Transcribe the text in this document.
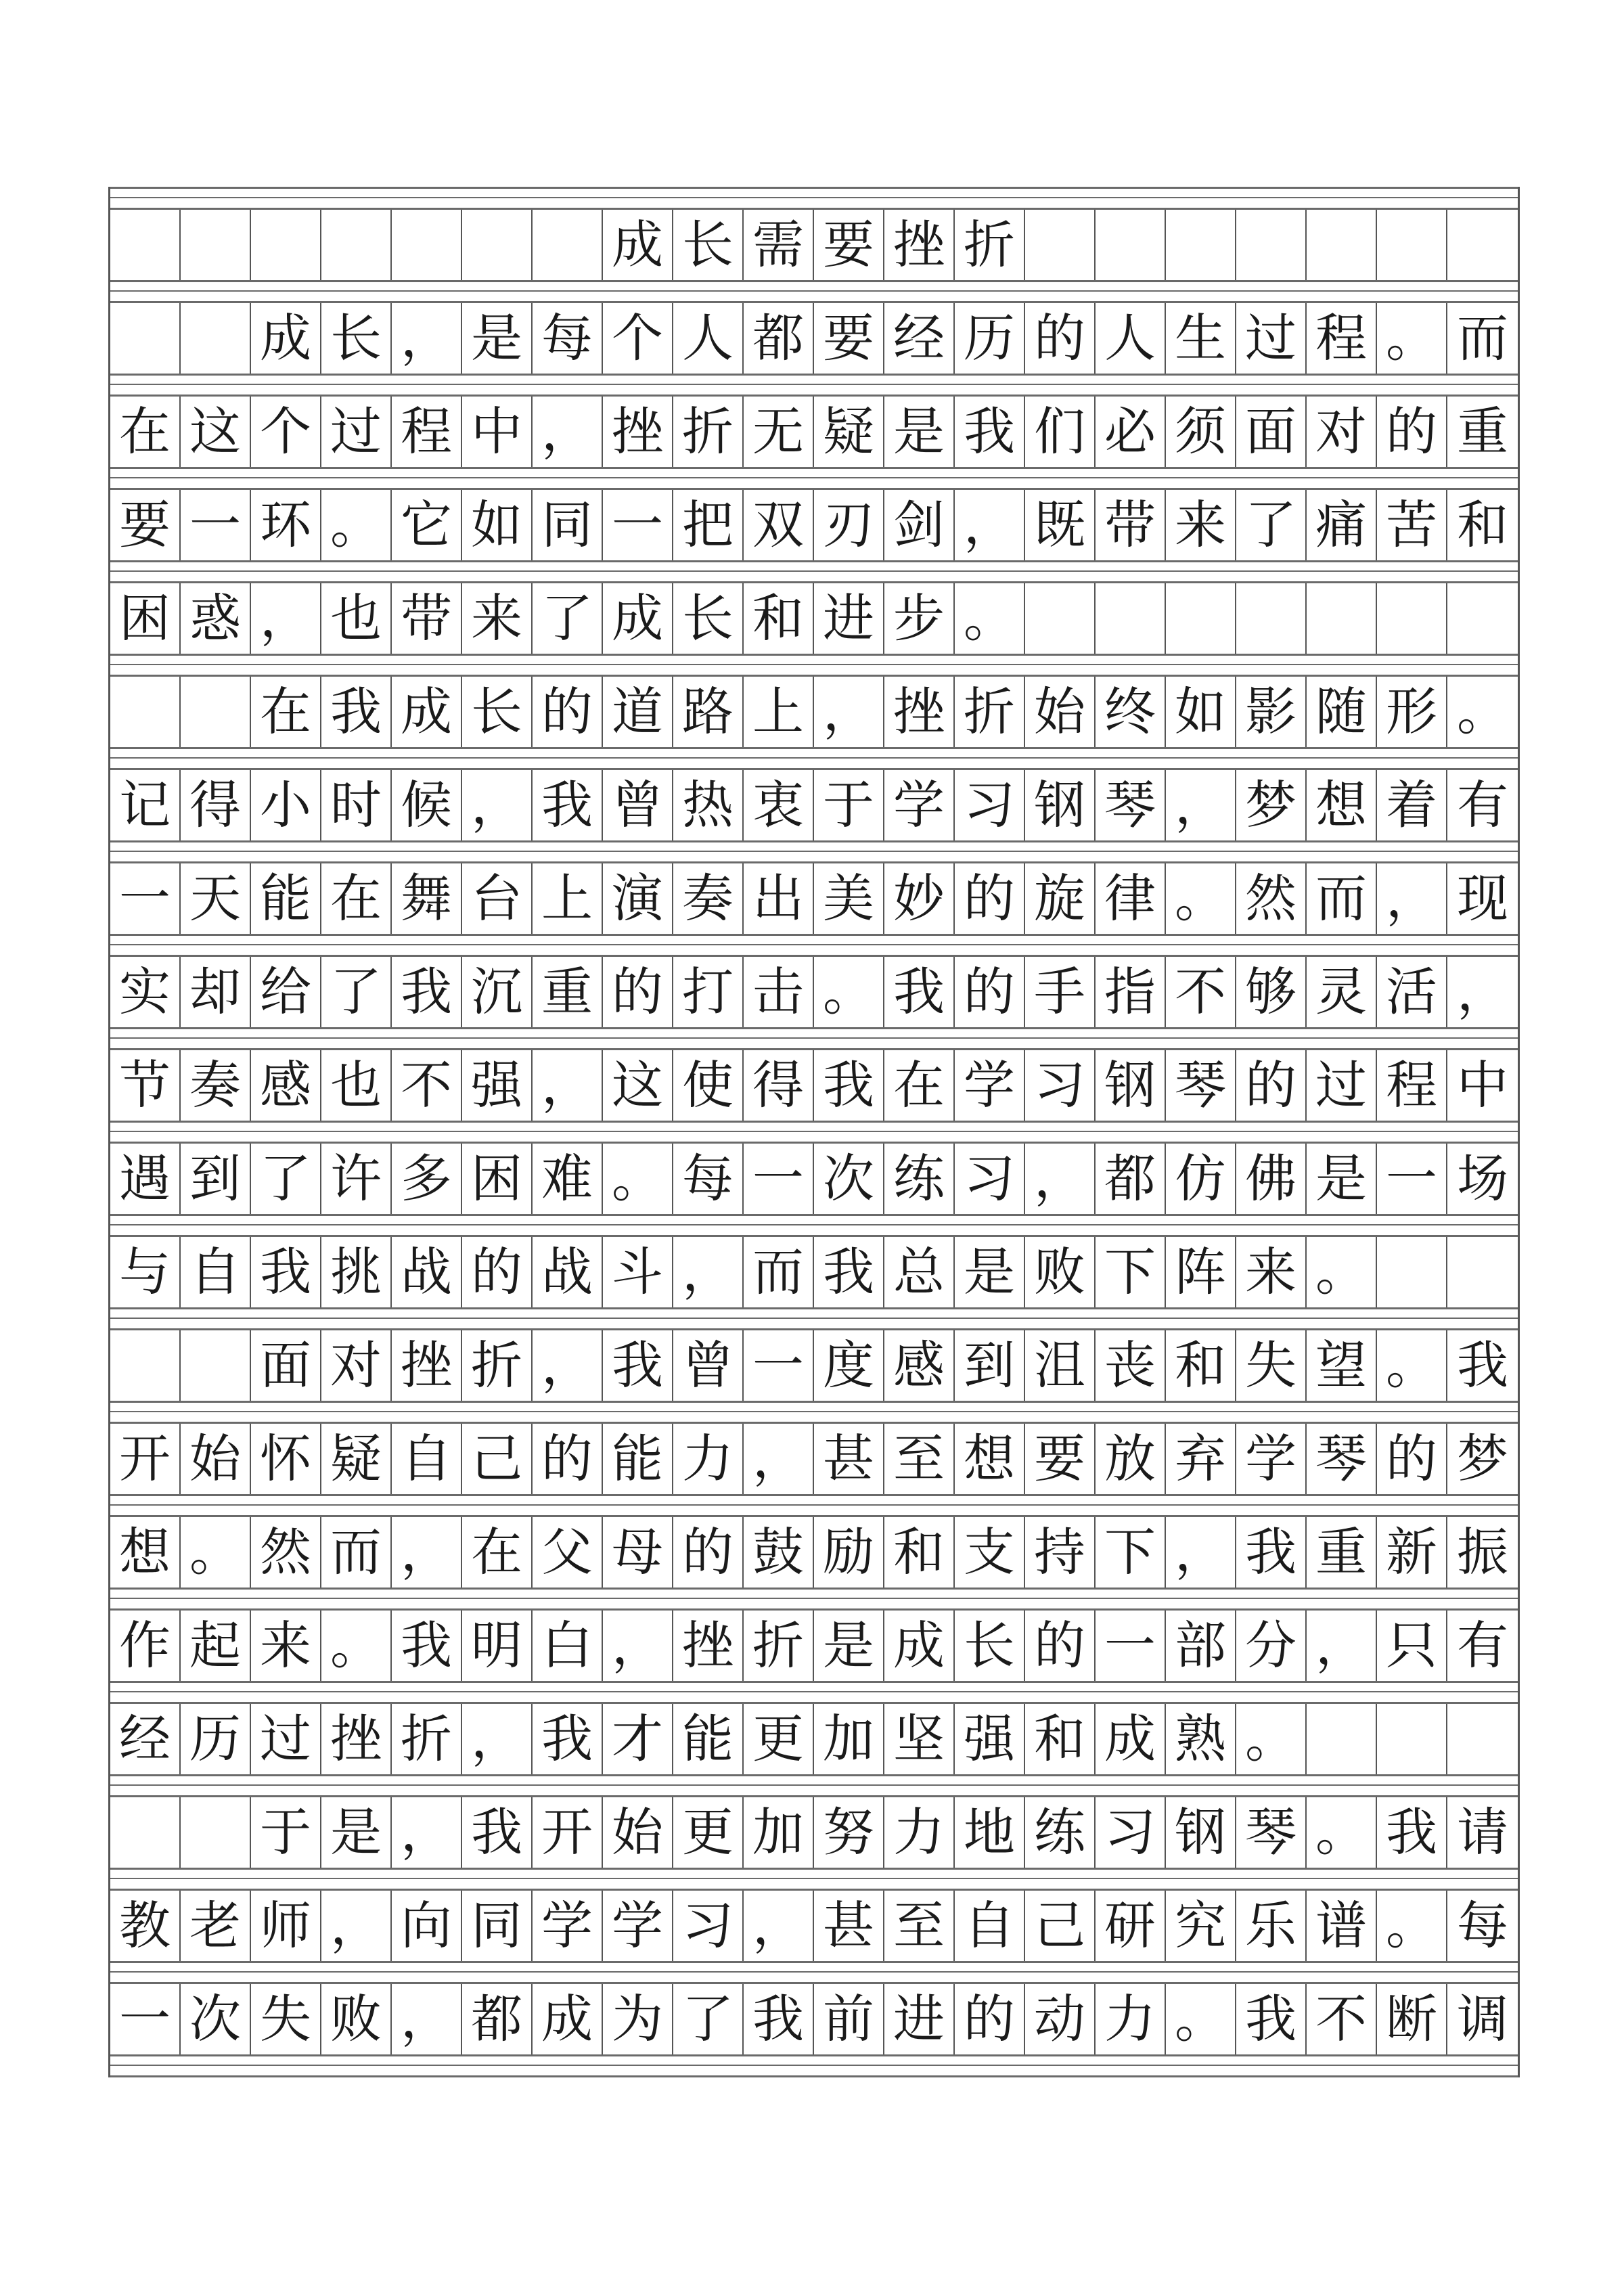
成 长 需 要 挫 折
成 长 ， 是 每 个 人 都 要 经 历 的 人 生 过 程 。 而
在 这 个 过 程 中 ， 挫 折 无 疑 是 我 们 必 须 面 对 的 重
要 一 环 。 它 如 同 一 把 双 刃 剑 ， 既 带 来 了 痛 苦 和
困 惑 ， 也 带 来 了 成 长 和 进 步 。
在 我 成 长 的 道 路 上 ， 挫 折 始 终 如 影 随 形 。
记 得 小 时 候 ， 我 曾 热 衷 于 学 习 钢 琴 ， 梦 想 着 有
一 天 能 在 舞 台 上 演 奏 出 美 妙 的 旋 律 。 然 而 ， 现
实 却 给 了 我 沉 重 的 打 击 。 我 的 手 指 不 够 灵 活 ，
节 奏 感 也 不 强 ， 这 使 得 我 在 学 习 钢 琴 的 过 程 中
遇 到 了 许 多 困 难 。 每 一 次 练 习 ， 都 仿 佛 是 一 场
与 自 我 挑 战 的 战 斗 ， 而 我 总 是 败 下 阵 来 。
面 对 挫 折 ， 我 曾 一 度 感 到 沮 丧 和 失 望 。 我
开 始 怀 疑 自 己 的 能 力 ， 甚 至 想 要 放 弃 学 琴 的 梦
想 。 然 而 ， 在 父 母 的 鼓 励 和 支 持 下 ， 我 重 新 振
作 起 来 。 我 明 白 ， 挫 折 是 成 长 的 一 部 分 ， 只 有
经 历 过 挫 折 ， 我 才 能 更 加 坚 强 和 成 熟 。
于 是 ， 我 开 始 更 加 努 力 地 练 习 钢 琴 。 我 请
教 老 师 ， 向 同 学 学 习 ， 甚 至 自 己 研 究 乐 谱 。 每
一 次 失 败 ， 都 成 为 了 我 前 进 的 动 力 。 我 不 断 调
